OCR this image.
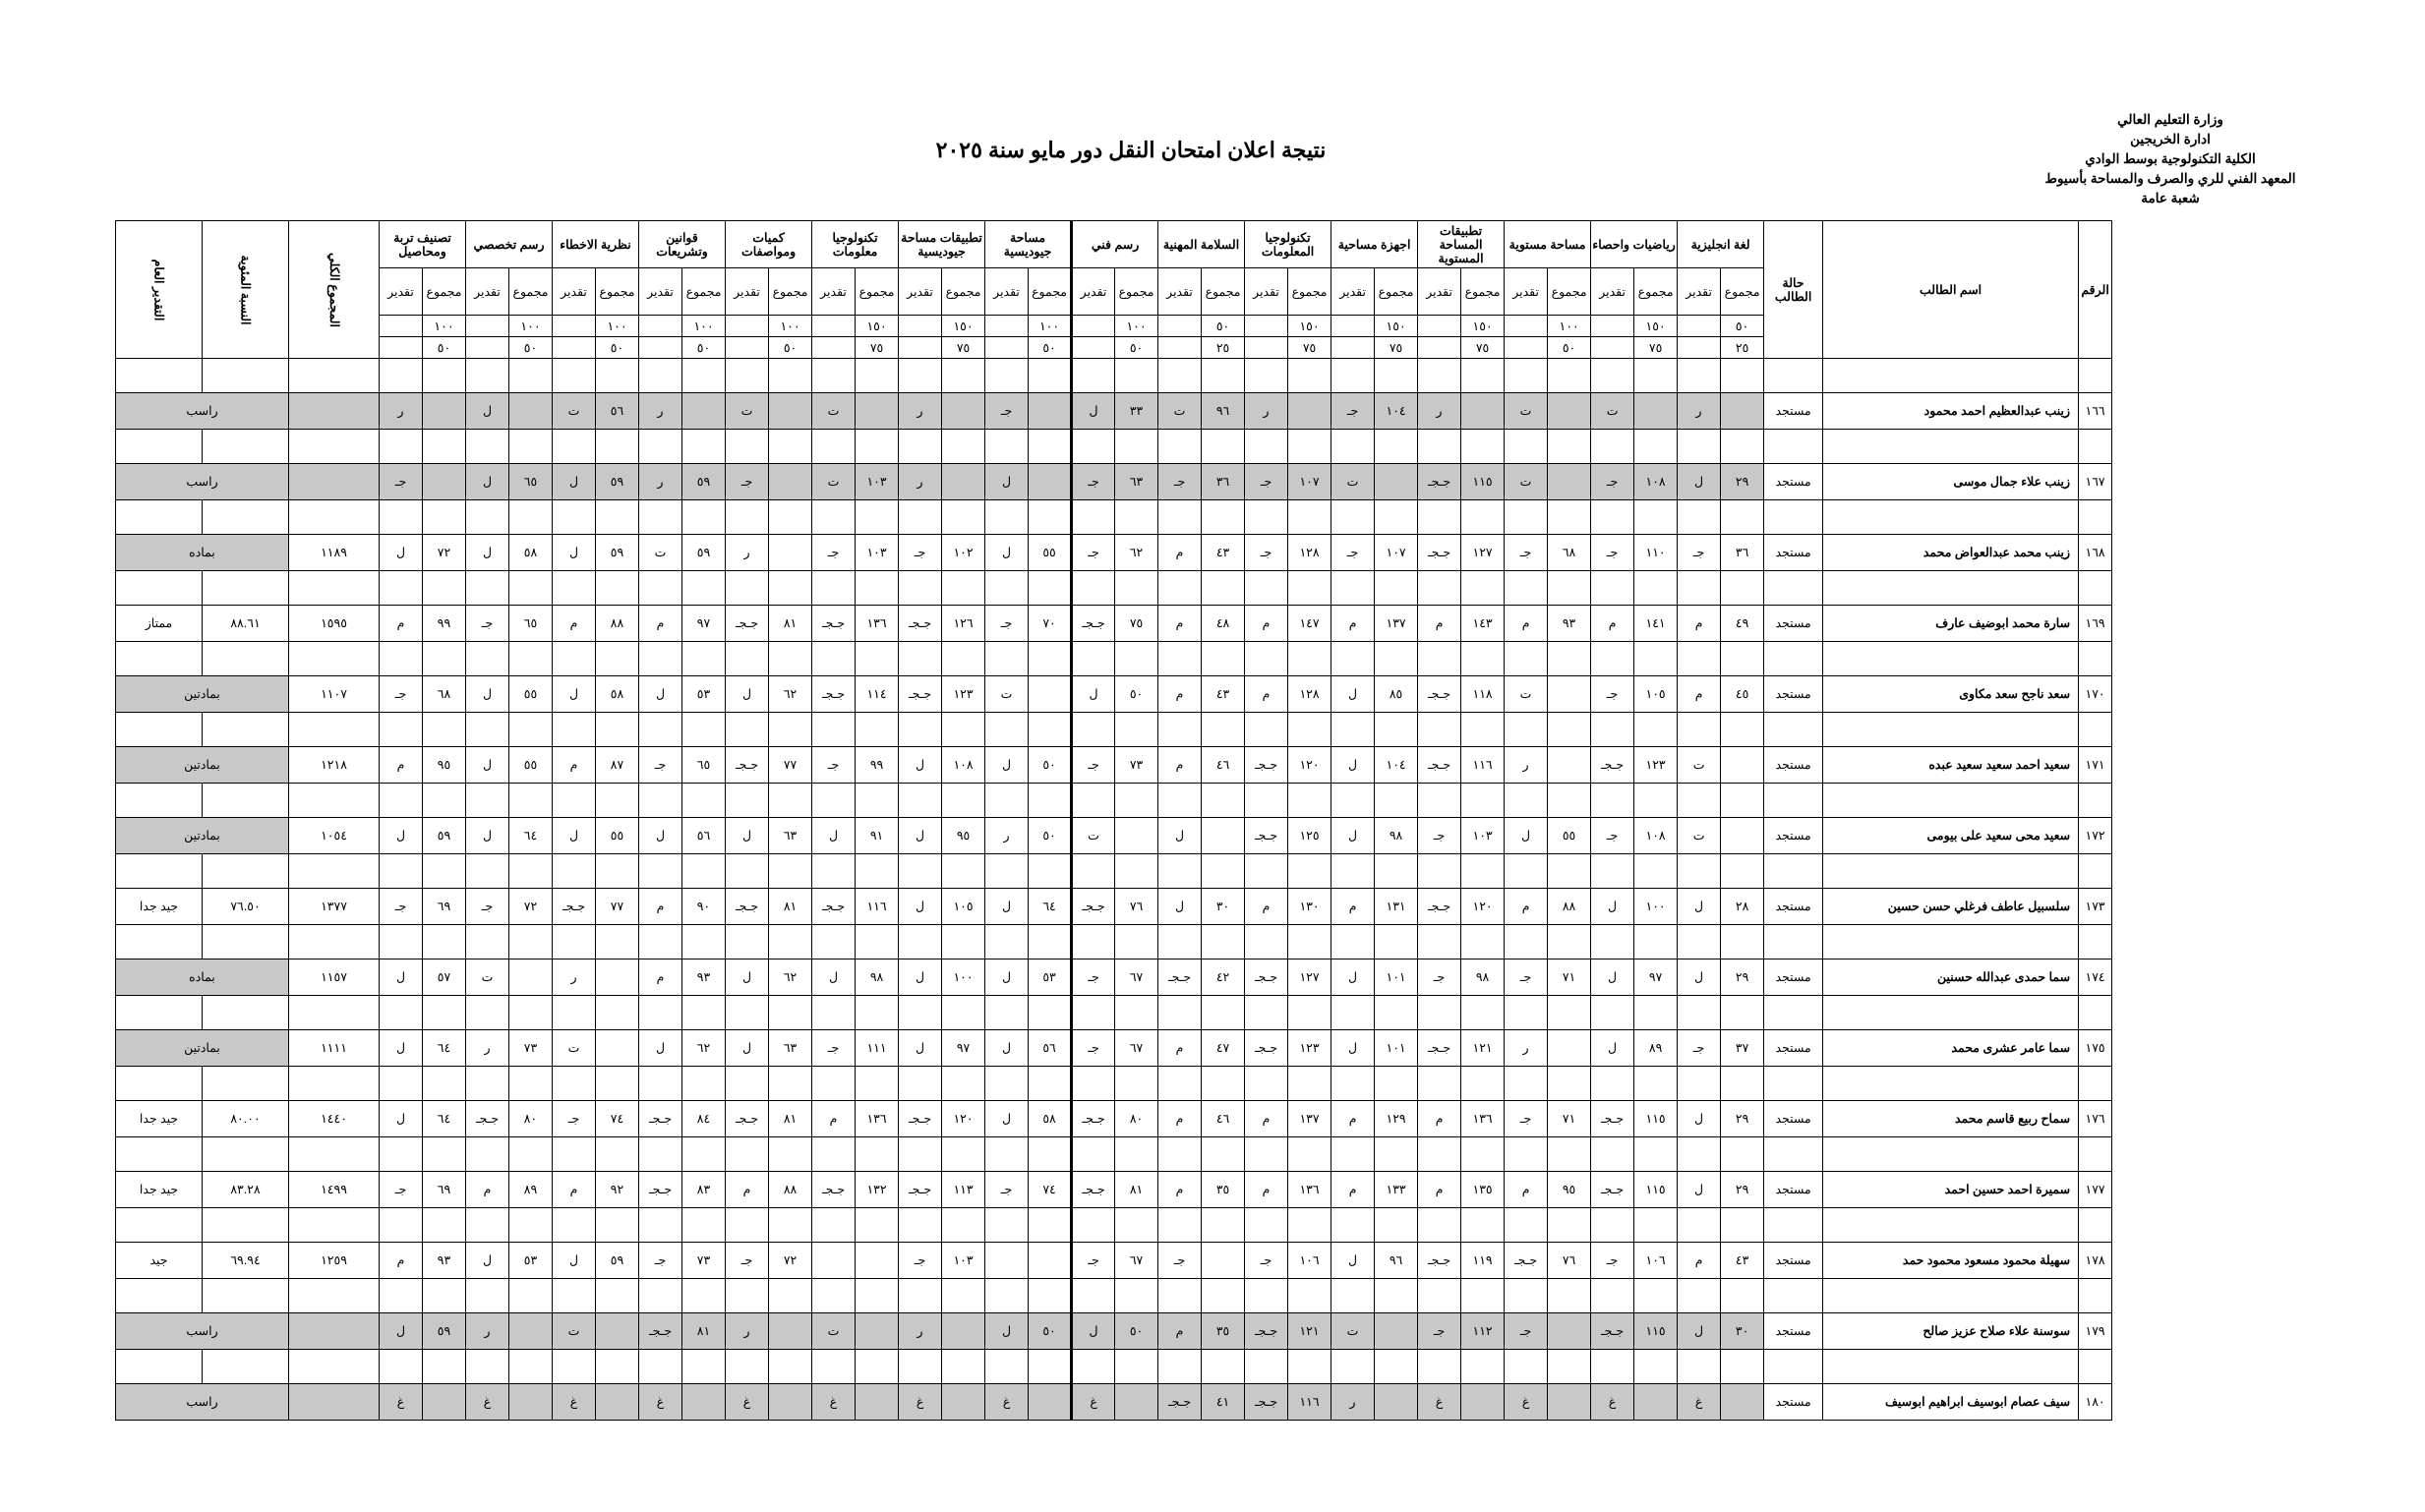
وزارة التعليم العالي
ادارة الخريجين
الكلية التكنولوجية بوسط الوادي
المعهد الفني للري والصرف والمساحة بأسيوط
شعبة عامة
نتيجة اعلان امتحان النقل دور مايو سنة ٢٠٢٥
التقدير العام	النسبة المئوية	المجموع الكلي	تصنيف تربة ومحاصيل		رسم تخصصي		نظرية الاخطاء		قوانين وتشريعات		كميات ومواصفات		تكنولوجيا معلومات		تطبيقات مساحة جيوديسية		مساحة جيوديسية		رسم فني		السلامة المهنية		تكنولوجيا المعلومات		اجهزة مساحية		تطبيقات المساحة المستوية		مساحة مستوية		رياضيات واحصاء		لغة انجليزية		حالة الطالب	اسم الطالب	الرقم
			تقدير	مجموع	تقدير	مجموع	تقدير	مجموع	تقدير	مجموع	تقدير	مجموع	تقدير	مجموع	تقدير	مجموع	تقدير	مجموع	تقدير	مجموع	تقدير	مجموع	تقدير	مجموع	تقدير	مجموع	تقدير	مجموع	تقدير	مجموع	تقدير	مجموع	تقدير	مجموع			
				١٠٠		١٠٠		١٠٠		١٠٠		١٠٠		١٥٠		١٥٠		١٠٠		١٠٠		٥٠		١٥٠		١٥٠		١٥٠		١٠٠		١٥٠		٥٠			
				٥٠		٥٠		٥٠		٥٠		٥٠		٧٥		٧٥		٥٠		٥٠		٢٥		٧٥		٧٥		٧٥		٥٠		٧٥		٢٥			

راسب			ر		ل		ت	٥٦	ر		ت		ت		ر		جـ		ل	٣٣	ت	٩٦	ر		جـ	١٠٤	ر		ت		ت		ر		مستجد	زينب عبدالعظيم احمد محمود	١٦٦

راسب			جـ		ل	٦٥	ل	٥٩	ر	٥٩	جـ		ت	١٠٣	ر		ل		جـ	٦٣	جـ	٣٦	جـ	١٠٧	ت		جـجـ	١١٥	ت		جـ	١٠٨	ل	٢٩	مستجد	زينب علاء جمال موسى	١٦٧

بماده		١١٨٩	ل	٧٢	ل	٥٨	ل	٥٩	ت	٥٩	ر		جـ	١٠٣	جـ	١٠٢	ل	٥٥	جـ	٦٢	م	٤٣	جـ	١٢٨	جـ	١٠٧	جـجـ	١٢٧	جـ	٦٨	جـ	١١٠	جـ	٣٦	مستجد	زينب محمد عبدالعواض محمد	١٦٨

ممتاز	٨٨.٦١	١٥٩٥	م	٩٩	جـ	٦٥	م	٨٨	م	٩٧	جـجـ	٨١	جـجـ	١٣٦	جـجـ	١٢٦	جـ	٧٠	جـجـ	٧٥	م	٤٨	م	١٤٧	م	١٣٧	م	١٤٣	م	٩٣	م	١٤١	م	٤٩	مستجد	سارة محمد ابوضيف عارف	١٦٩

بمادتين		١١٠٧	جـ	٦٨	ل	٥٥	ل	٥٨	ل	٥٣	ل	٦٢	جـجـ	١١٤	جـجـ	١٢٣	ت		ل	٥٠	م	٤٣	م	١٢٨	ل	٨٥	جـجـ	١١٨	ت		جـ	١٠٥	م	٤٥	مستجد	سعد ناجح سعد مكاوى	١٧٠

بمادتين		١٢١٨	م	٩٥	ل	٥٥	م	٨٧	جـ	٦٥	جـجـ	٧٧	جـ	٩٩	ل	١٠٨	ل	٥٠	جـ	٧٣	م	٤٦	جـجـ	١٢٠	ل	١٠٤	جـجـ	١١٦	ر		جـجـ	١٢٣	ت		مستجد	سعيد احمد سعيد سعيد عبده	١٧١

بمادتين		١٠٥٤	ل	٥٩	ل	٦٤	ل	٥٥	ل	٥٦	ل	٦٣	ل	٩١	ل	٩٥	ر	٥٠	ت		ل		جـجـ	١٢٥	ل	٩٨	جـ	١٠٣	ل	٥٥	جـ	١٠٨	ت		مستجد	سعيد محى سعيد على بيومى	١٧٢

جيد جدا	٧٦.٥٠	١٣٧٧	جـ	٦٩	جـ	٧٢	جـجـ	٧٧	م	٩٠	جـجـ	٨١	جـجـ	١١٦	ل	١٠٥	ل	٦٤	جـجـ	٧٦	ل	٣٠	م	١٣٠	م	١٣١	جـجـ	١٢٠	م	٨٨	ل	١٠٠	ل	٢٨	مستجد	سلسبيل عاطف فرغلي حسن حسين	١٧٣

بماده		١١٥٧	ل	٥٧	ت		ر		م	٩٣	ل	٦٢	ل	٩٨	ل	١٠٠	ل	٥٣	جـ	٦٧	جـجـ	٤٢	جـجـ	١٢٧	ل	١٠١	جـ	٩٨	جـ	٧١	ل	٩٧	ل	٢٩	مستجد	سما حمدى عبدالله حسنين	١٧٤

بمادتين		١١١١	ل	٦٤	ر	٧٣	ت		ل	٦٢	ل	٦٣	جـ	١١١	ل	٩٧	ل	٥٦	جـ	٦٧	م	٤٧	جـجـ	١٢٣	ل	١٠١	جـجـ	١٢١	ر		ل	٨٩	جـ	٣٧	مستجد	سما عامر عشرى محمد	١٧٥

جيد جدا	٨٠.٠٠	١٤٤٠	ل	٦٤	جـجـ	٨٠	جـ	٧٤	جـجـ	٨٤	جـجـ	٨١	م	١٣٦	جـجـ	١٢٠	ل	٥٨	جـجـ	٨٠	م	٤٦	م	١٣٧	م	١٢٩	م	١٣٦	جـ	٧١	جـجـ	١١٥	ل	٢٩	مستجد	سماح ربيع قاسم محمد	١٧٦

جيد جدا	٨٣.٢٨	١٤٩٩	جـ	٦٩	م	٨٩	م	٩٢	جـجـ	٨٣	م	٨٨	جـجـ	١٣٢	جـجـ	١١٣	جـ	٧٤	جـجـ	٨١	م	٣٥	م	١٣٦	م	١٣٣	م	١٣٥	م	٩٥	جـجـ	١١٥	ل	٢٩	مستجد	سميرة احمد حسين احمد	١٧٧

جيد	٦٩.٩٤	١٢٥٩	م	٩٣	ل	٥٣	ل	٥٩	جـ	٧٣	جـ	٧٢			جـ	١٠٣			جـ	٦٧	جـ		جـ	١٠٦	ل	٩٦	جـجـ	١١٩	جـجـ	٧٦	جـ	١٠٦	م	٤٣	مستجد	سهيلة محمود مسعود محمود حمد	١٧٨

راسب			ل	٥٩	ر		ت		جـجـ	٨١	ر		ت		ر		ل	٥٠	ل	٥٠	م	٣٥	جـجـ	١٢١	ت		جـ	١١٢	جـ		جـجـ	١١٥	ل	٣٠	مستجد	سوسنة علاء صلاح عزيز صالح	١٧٩

راسب			غ		غ		غ		غ		غ		غ		غ		غ		غ		جـجـ	٤١	جـجـ	١١٦	ر		غ		غ		غ		غ		مستجد	سيف عصام ابوسيف ابراهيم ابوسيف	١٨٠
